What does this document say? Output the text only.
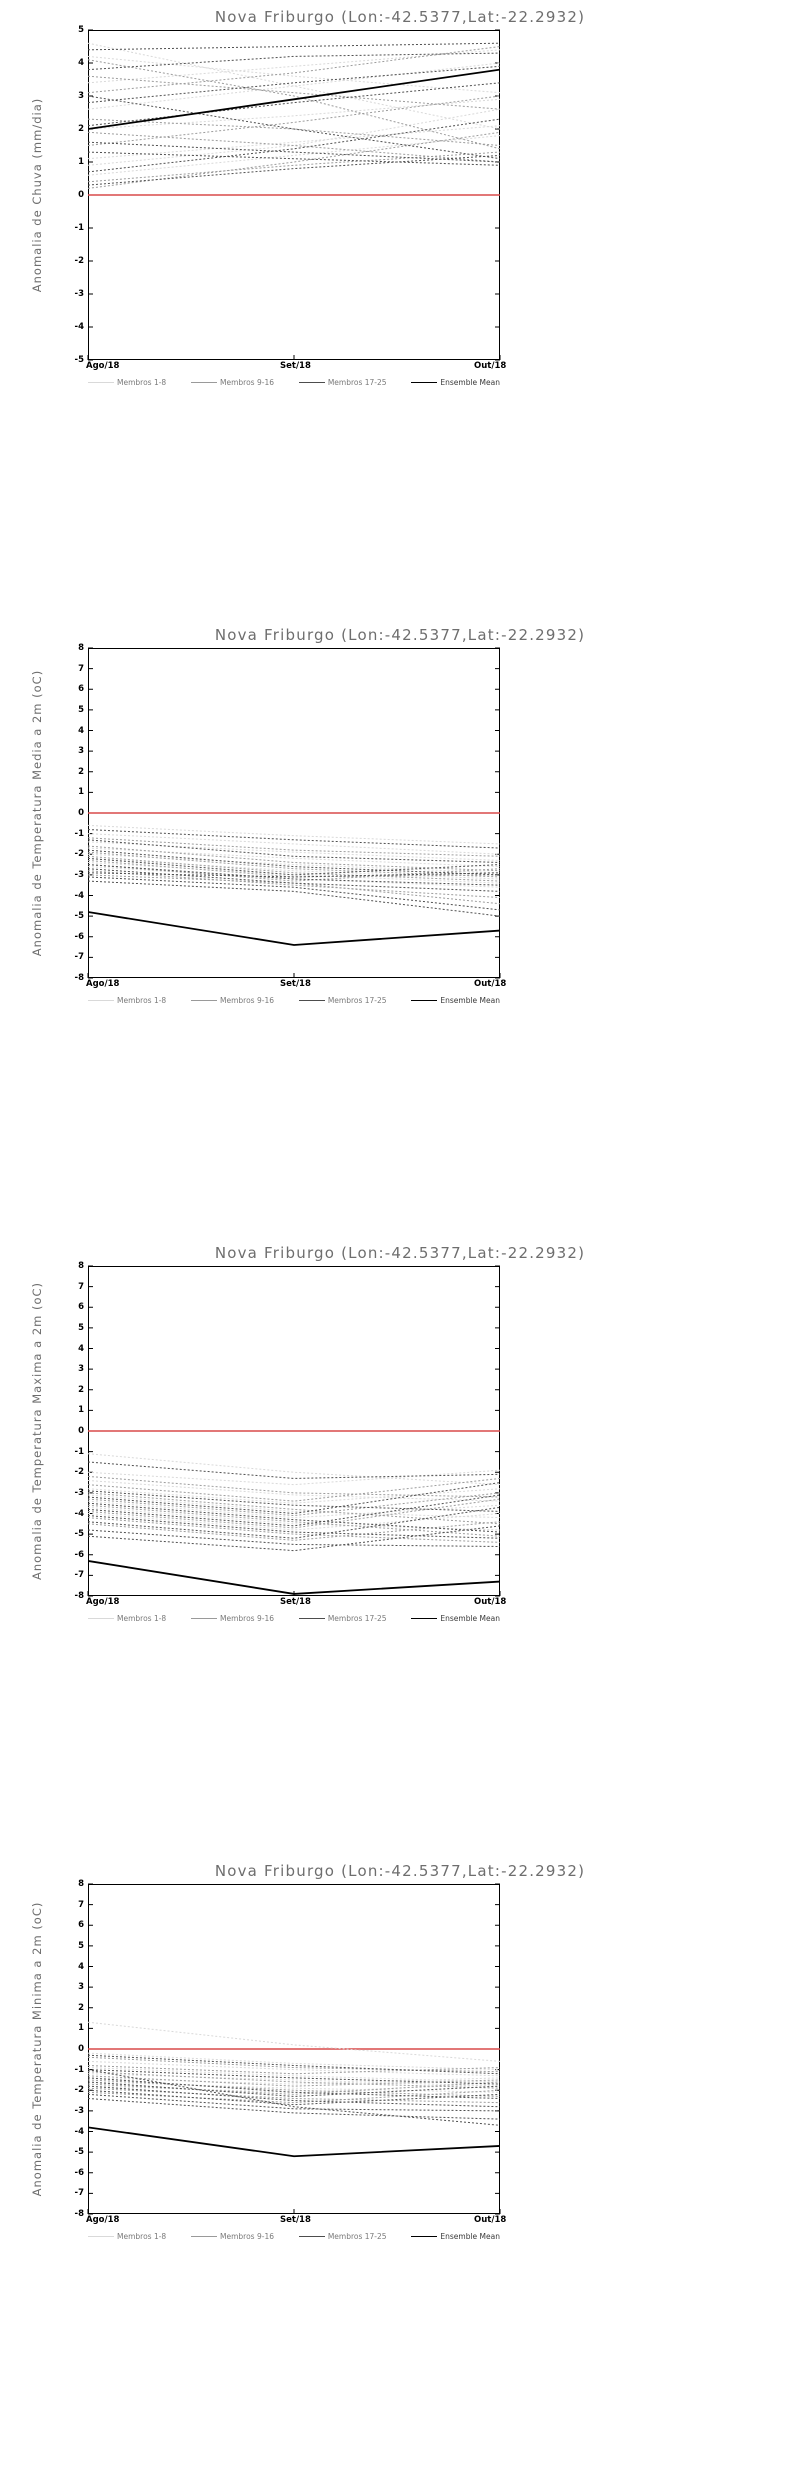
Nova Friburgo (Lon:-42.5377,Lat:-22.2932)
Anomalia de Chuva (mm/dia)
5
4
3
2
1
0
-1
-2
-3
-4
-5
Ago/18	Set/18	Out/18
Membros 1-8	Membros 9-16	Membros 17-25	Ensemble Mean
Nova Friburgo (Lon:-42.5377,Lat:-22.2932)
Anomalia de Temperatura Media a 2m (oC)
8
7
6
5
4
3
2
1
0
-1
-2
-3
-4
-5
-6
-7
-8
Ago/18	Set/18	Out/18
Membros 1-8	Membros 9-16	Membros 17-25	Ensemble Mean
Nova Friburgo (Lon:-42.5377,Lat:-22.2932)
Anomalia de Temperatura Maxima a 2m (oC)
8
7
6
5
4
3
2
1
0
-1
-2
-3
-4
-5
-6
-7
-8
Ago/18	Set/18	Out/18
Membros 1-8	Membros 9-16	Membros 17-25	Ensemble Mean
Nova Friburgo (Lon:-42.5377,Lat:-22.2932)
Anomalia de Temperatura Minima a 2m (oC)
8
7
6
5
4
3
2
1
0
-1
-2
-3
-4
-5
-6
-7
-8
Ago/18	Set/18	Out/18
Membros 1-8	Membros 9-16	Membros 17-25	Ensemble Mean
